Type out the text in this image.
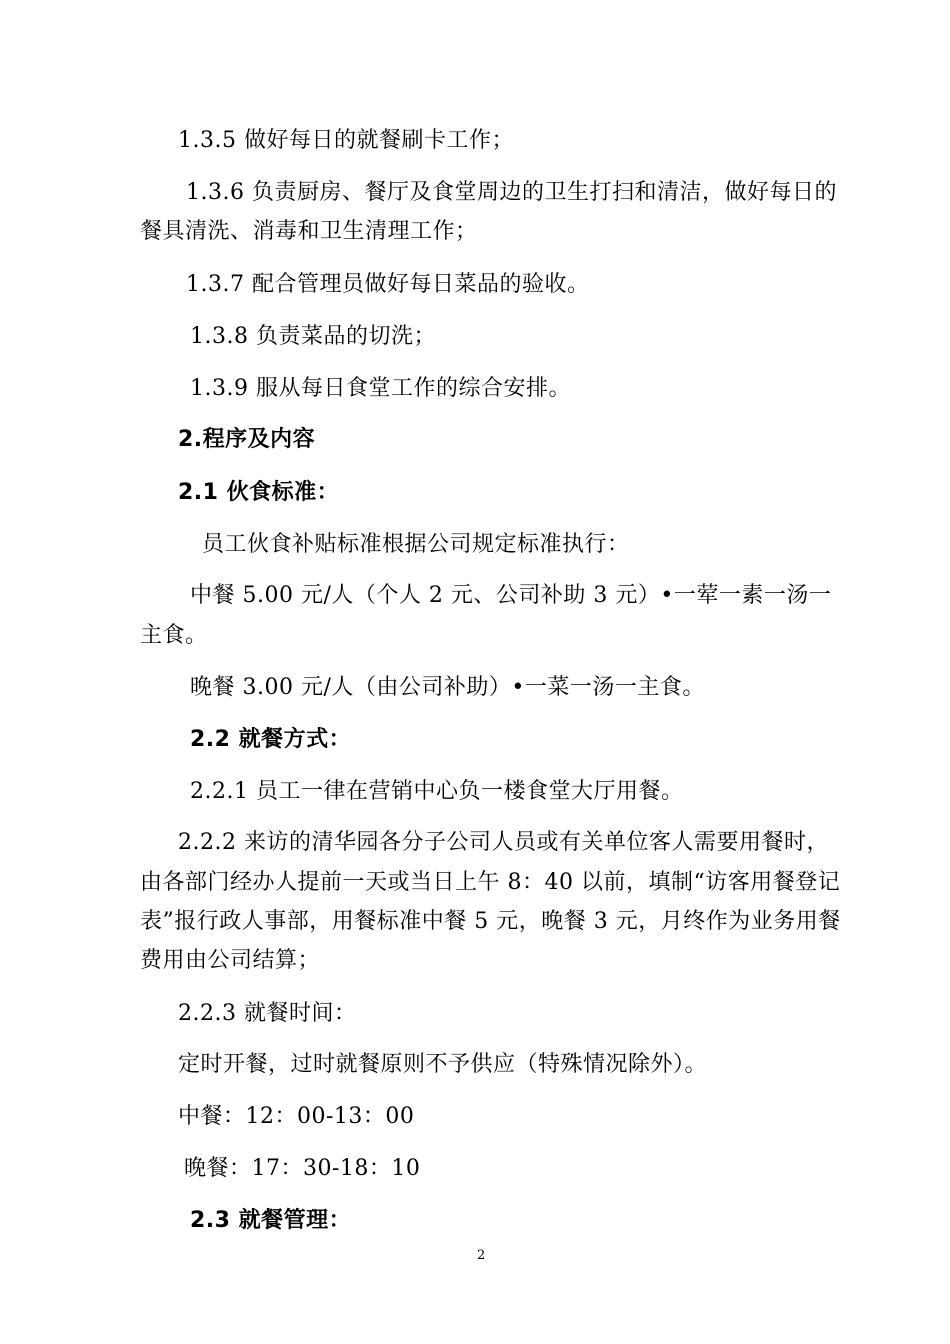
1.3.5 做好每日的就餐刷卡工作；
1.3.6 负责厨房、餐厅及食堂周边的卫生打扫和清洁，做好每日的
餐具清洗、消毒和卫生清理工作；
1.3.7 配合管理员做好每日菜品的验收。
1.3.8 负责菜品的切洗；
1.3.9 服从每日食堂工作的综合安排。
2.程序及内容
2.1 伙食标准：
员工伙食补贴标准根据公司规定标准执行：
中餐 5.00 元/人（个人 2 元、公司补助 3 元）•一荤一素一汤一
主食。
晚餐 3.00 元/人（由公司补助）•一菜一汤一主食。
2.2 就餐方式：
2.2.1 员工一律在营销中心负一楼食堂大厅用餐。
2.2.2 来访的清华园各分子公司人员或有关单位客人需要用餐时，
由各部门经办人提前一天或当日上午 8：40 以前，填制“访客用餐登记
表”报行政人事部，用餐标准中餐 5 元，晚餐 3 元，月终作为业务用餐
费用由公司结算；
2.2.3 就餐时间：
定时开餐，过时就餐原则不予供应（特殊情况除外）。
中餐：12：00-13：00
晚餐：17：30-18：10
2.3 就餐管理：
2
